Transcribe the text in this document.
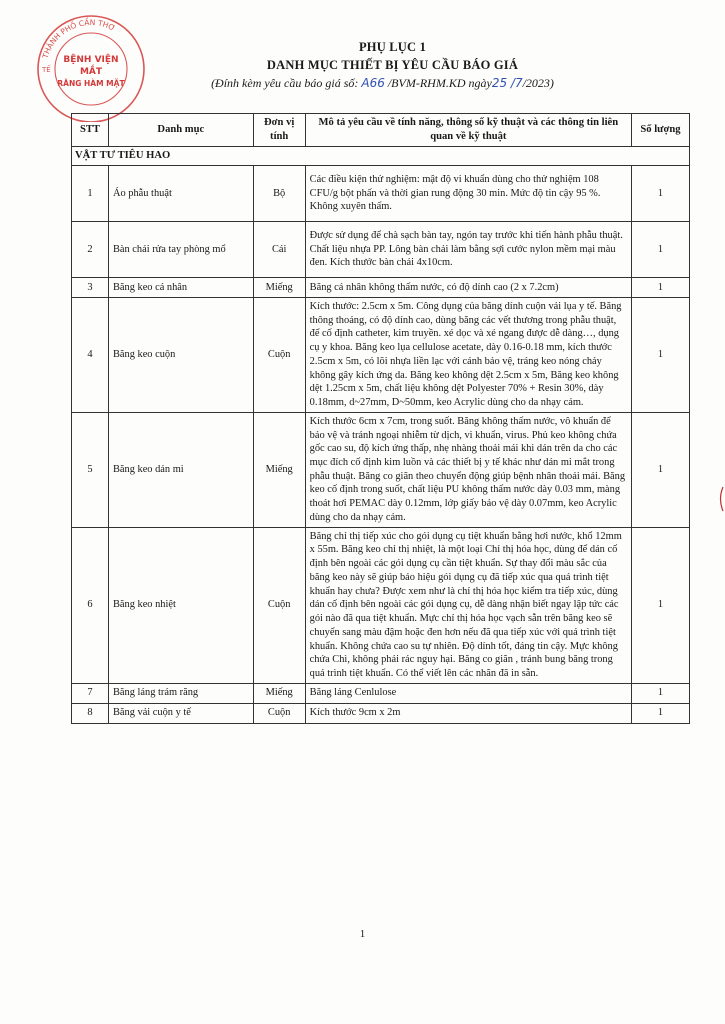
THÀNH PHỐ CẦN THƠ
BỆNH VIỆN
MẮT
RĂNG HÀM MẶT
TẾ
PHỤ LỤC 1
DANH MỤC THIẾT BỊ YÊU CẦU BÁO GIÁ
(Đính kèm yêu cầu báo giá số: A66 /BVM-RHM.KD ngày25 /7/2023)
STT	Danh mục	Đơn vị tính	Mô tả yêu cầu về tính năng, thông số kỹ thuật và các thông tin liên quan về kỹ thuật	Số lượng
VẬT TƯ TIÊU HAO				
1	Áo phẫu thuật	Bộ	Các điều kiện thử nghiệm: mật độ vi khuẩn dùng cho thử nghiệm 108 CFU/g bột phấn và thời gian rung động 30 min. Mức độ tin cậy 95 %. Không xuyên thấm.	1
2	Bàn chải rửa tay phòng mổ	Cái	Được sử dụng để chà sạch bàn tay, ngón tay trước khi tiến hành phẫu thuật. Chất liệu nhựa PP. Lông bàn chải làm bằng sợi cước nylon mềm mại màu đen. Kích thước bàn chải 4x10cm.	1
3	Băng keo cá nhân	Miếng	Băng cá nhân không thấm nước, có độ dính cao (2 x 7.2cm)	1
4	Băng keo cuộn	Cuộn	Kích thước: 2.5cm x 5m. Công dụng của băng dính cuộn vải lụa y tế. Băng thông thoáng, có độ dính cao, dùng băng các vết thương trong phẫu thuật, để cố định catheter, kim truyền. xé dọc và xé ngang được dễ dàng…, dụng cụ y khoa. Băng keo lụa cellulose acetate, dày 0.16-0.18 mm, kích thước 2.5cm x 5m, có lõi nhựa liền lạc với cánh bảo vệ, tráng keo nóng chảy không gây kích ứng da. Băng keo không dệt 2.5cm x 5m, Băng keo không dệt 1.25cm x 5m, chất liệu không dệt Polyester 70% + Resin 30%, dày 0.18mm, d~27mm, D~50mm, keo Acrylic dùng cho da nhạy cảm.	1
5	Băng keo dán mi	Miếng	Kích thước 6cm x 7cm, trong suốt. Băng không thấm nước, vô khuẩn để bảo vệ và tránh ngoại nhiễm từ dịch, vi khuẩn, virus. Phủ keo không chứa gốc cao su, độ kích ứng thấp, nhẹ nhàng thoải mái khi dán trên da cho các mục đích cố định kim luồn và các thiết bị y tế khác như dán mi mắt trong phẫu thuật. Băng co giãn theo chuyển động giúp bệnh nhân thoải mái. Băng keo cố định trong suốt, chất liệu PU không thấm nước dày 0.03 mm, màng thoát hơi PEMAC dày 0.12mm, lớp giấy bảo vệ dày 0.07mm, keo Acrylic dùng cho da nhạy cảm.	1
6	Băng keo nhiệt	Cuộn	Băng chỉ thị tiếp xúc cho gói dụng cụ tiệt khuẩn bằng hơi nước, khổ 12mm x 55m. Băng keo chỉ thị nhiệt, là một loại Chỉ thị hóa học, dùng để dán cố định bên ngoài các gói dụng cụ cần tiệt khuẩn. Sự thay đổi màu sắc của băng keo này sẽ giúp báo hiệu gói dụng cụ đã tiếp xúc qua quá trình tiệt khuẩn hay chưa? Được xem như là chỉ thị hóa học kiểm tra tiếp xúc, dùng dán cố định bên ngoài các gói dụng cụ, dễ dàng nhận biết ngay lập tức các gói nào đã qua tiệt khuẩn. Mực chỉ thị hóa học vạch sẵn trên băng keo sẽ chuyển sang màu đậm hoặc đen hơn nếu đã qua tiếp xúc với quá trình tiệt khuẩn. Không chứa cao su tự nhiên. Độ dính tốt, đáng tin cậy. Mực không chứa Chì, không phải rác nguy hại. Băng co giãn , tránh bung băng trong quá trình tiệt khuẩn. Có thể viết lên các nhãn đã in sẵn.	1
7	Băng láng trám răng	Miếng	Băng láng Cenlulose	1
8	Băng vải cuộn y tế	Cuộn	Kích thước 9cm x 2m	1
1
